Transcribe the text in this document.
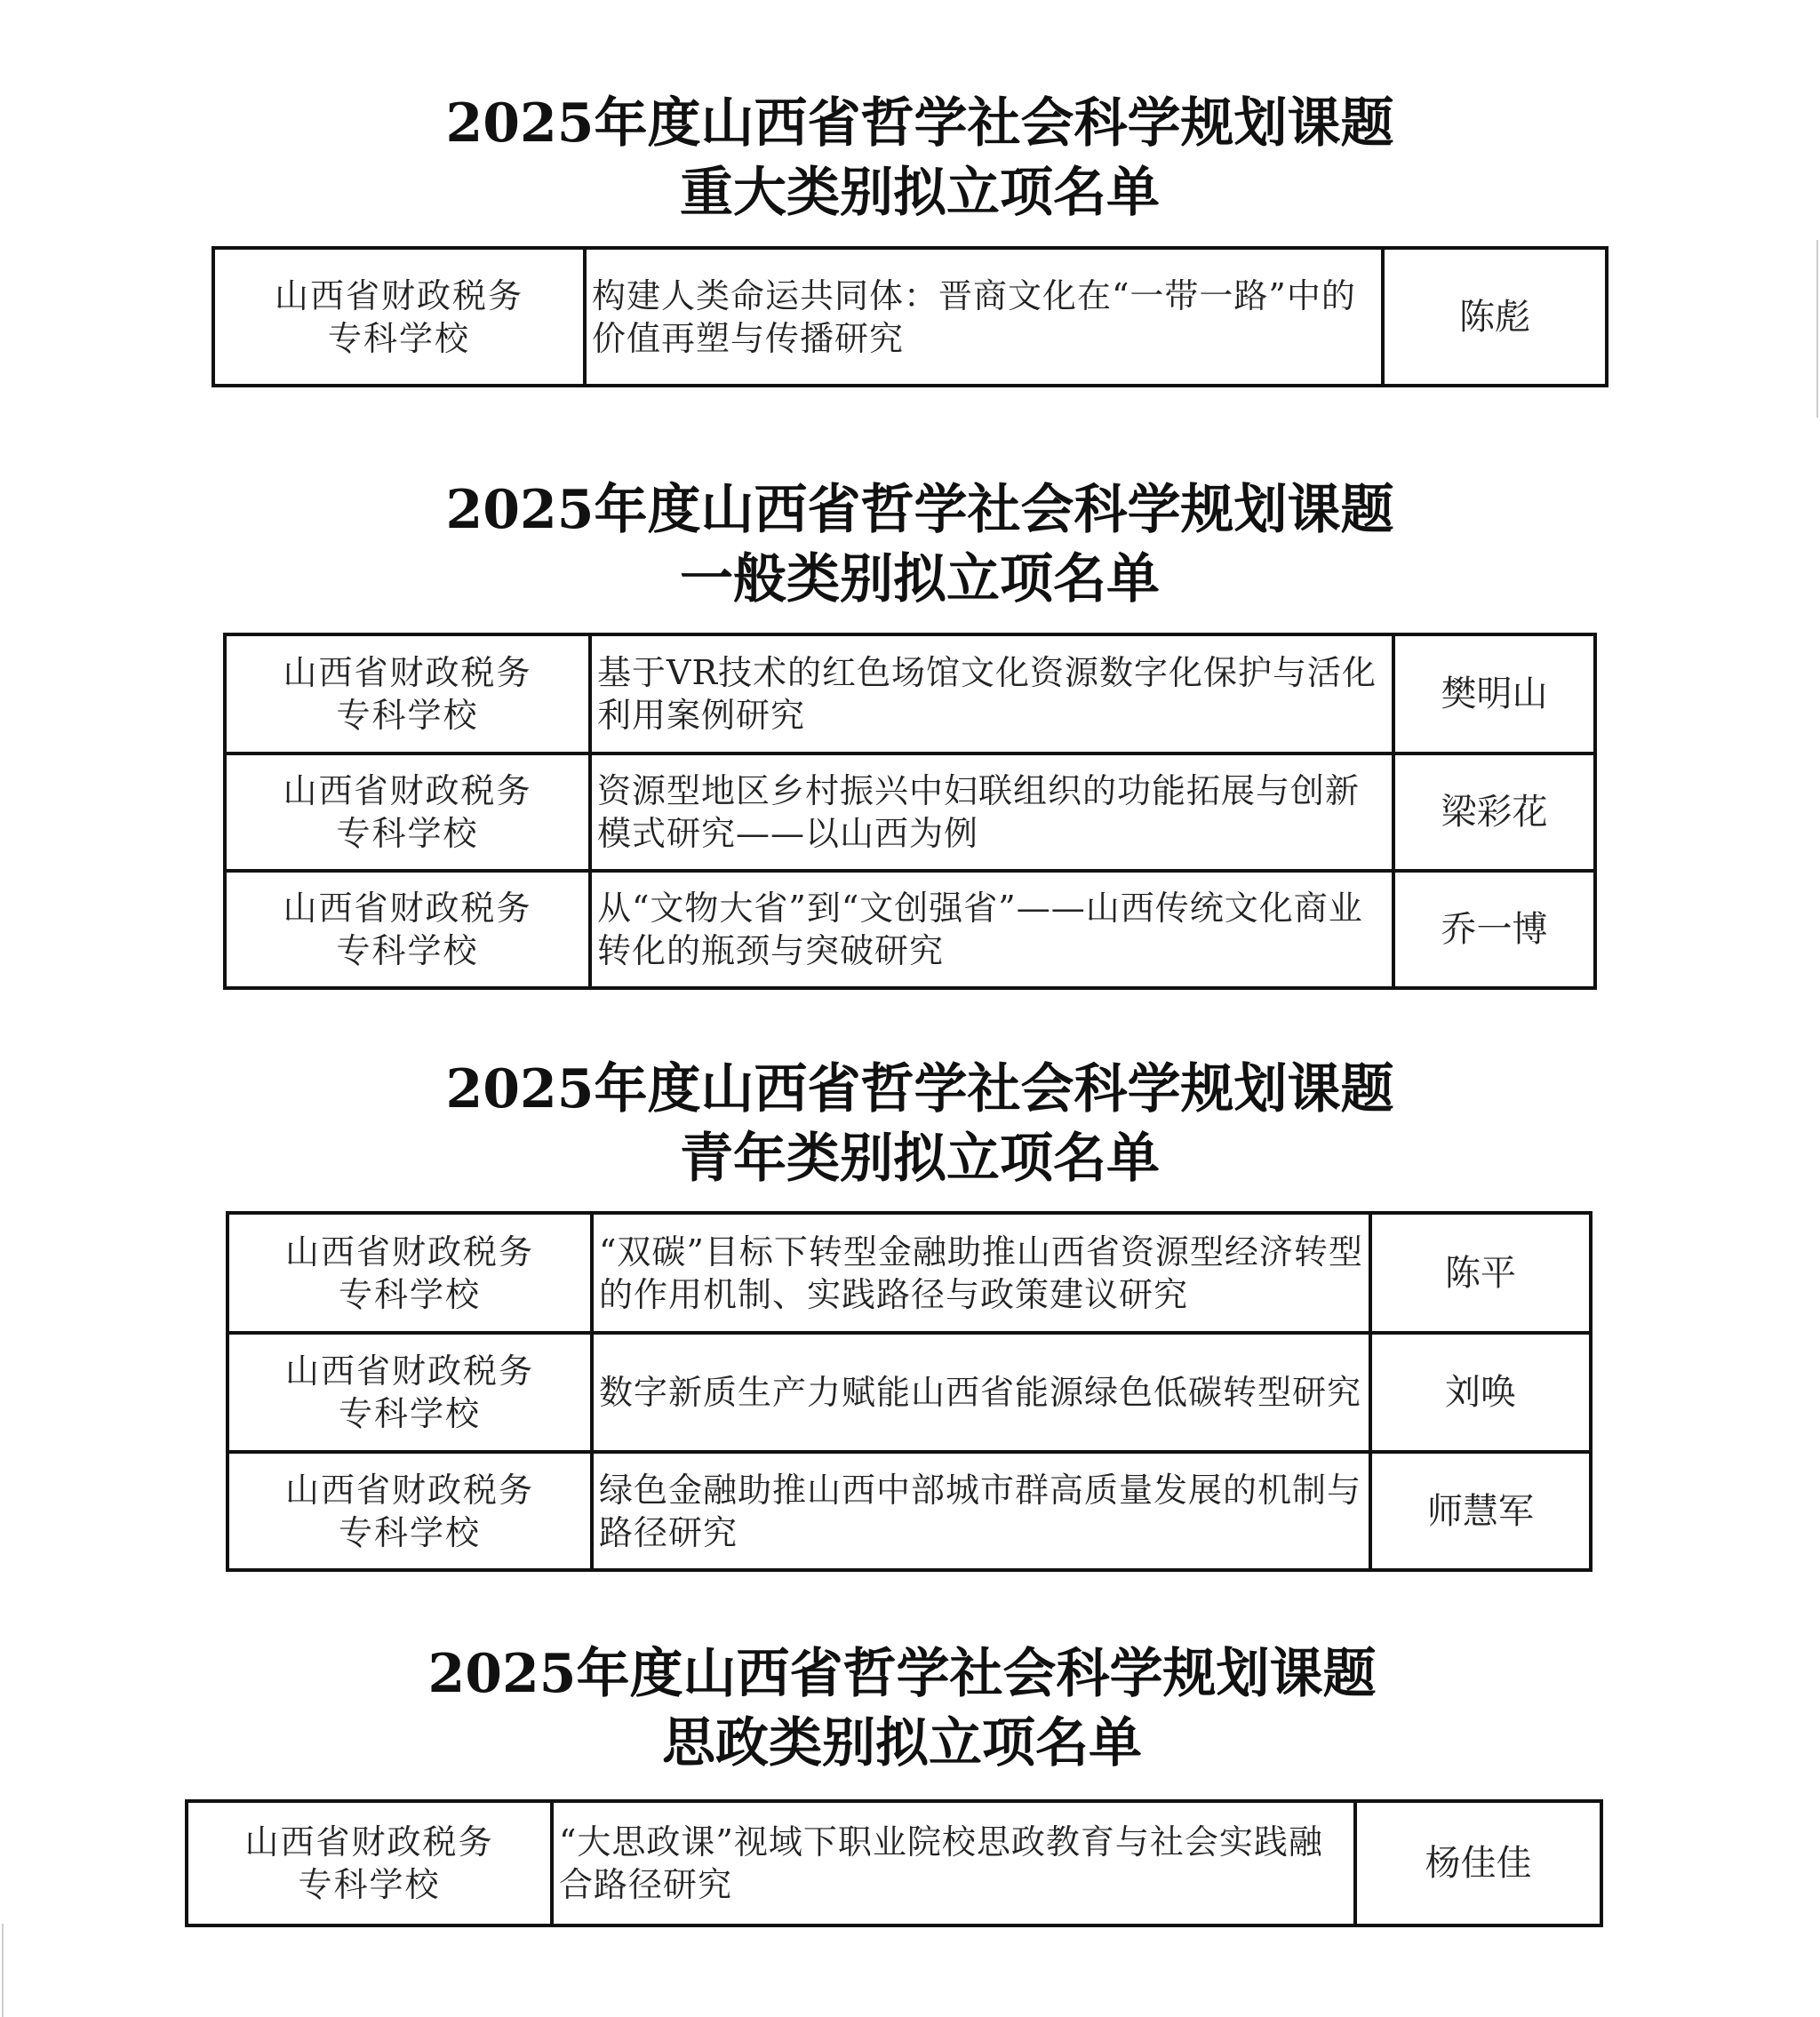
2025年度山西省哲学社会科学规划课题
重大类别拟立项名单
山西省财政税务
专科学校
	构建人类命运共同体：晋商文化在“一带一路”中的价值再塑与传播研究	陈彪
2025年度山西省哲学社会科学规划课题
一般类别拟立项名单
山西省财政税务
专科学校	基于VR技术的红色场馆文化资源数字化保护与活化利用案例研究	樊明山

山西省财政税务
专科学校	资源型地区乡村振兴中妇联组织的功能拓展与创新模式研究——以山西为例	梁彩花

山西省财政税务
专科学校	从“文物大省”到“文创强省”——山西传统文化商业转化的瓶颈与突破研究	乔一博
2025年度山西省哲学社会科学规划课题
青年类别拟立项名单
山西省财政税务
专科学校	“双碳”目标下转型金融助推山西省资源型经济转型的作用机制、实践路径与政策建议研究	陈平

山西省财政税务
专科学校	数字新质生产力赋能山西省能源绿色低碳转型研究	刘唤

山西省财政税务
专科学校	绿色金融助推山西中部城市群高质量发展的机制与路径研究	师慧军
2025年度山西省哲学社会科学规划课题
思政类别拟立项名单
山西省财政税务
专科学校
	“大思政课”视域下职业院校思政教育与社会实践融合路径研究	杨佳佳
